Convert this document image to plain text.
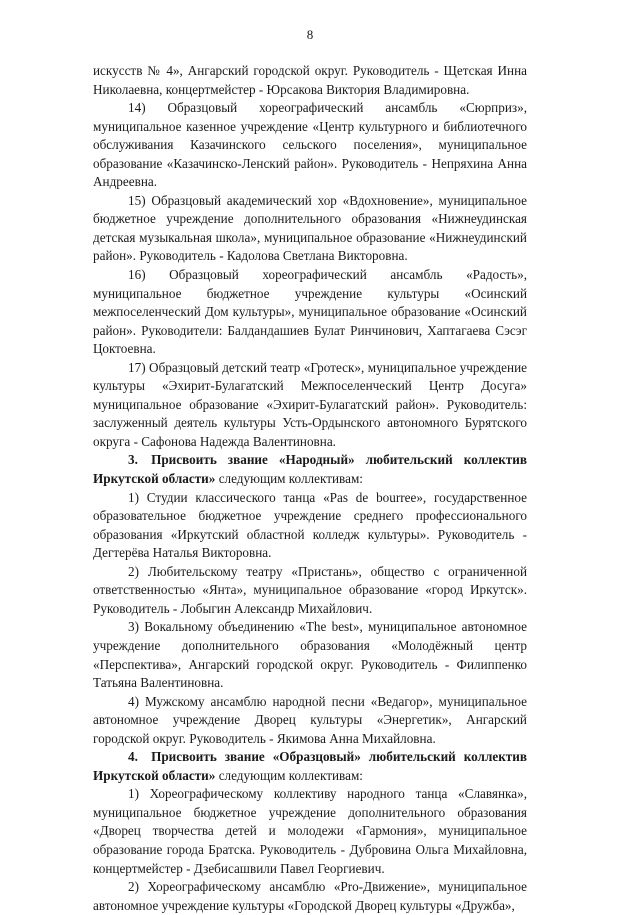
8

искусств № 4», Ангарский городской округ. Руководитель - Щетская Инна Николаевна, концертмейстер - Юрсакова Виктория Владимировна.

14) Образцовый хореографический ансамбль «Сюрприз», муниципальное казенное учреждение «Центр культурного и библиотечного обслуживания Казачинского сельского поселения», муниципальное образование «Казачинско-Ленский район». Руководитель - Непряхина Анна Андреевна.

15) Образцовый академический хор «Вдохновение», муниципальное бюджетное учреждение дополнительного образования «Нижнеудинская детская музыкальная школа», муниципальное образование «Нижнеудинский район». Руководитель - Кадолова Светлана Викторовна.

16) Образцовый хореографический ансамбль «Радость», муниципальное бюджетное учреждение культуры «Осинский межпоселенческий Дом культуры», муниципальное образование «Осинский район». Руководители: Балдандашиев Булат Ринчинович, Хаптагаева Сэсэг Цоктоевна.

17) Образцовый детский театр «Гротеск», муниципальное учреждение культуры «Эхирит-Булагатский Межпоселенческий Центр Досуга» муниципальное образование «Эхирит-Булагатский район». Руководитель: заслуженный деятель культуры Усть-Ордынского автономного Бурятского округа - Сафонова Надежда Валентиновна.

3.  Присвоить звание «Народный» любительский коллектив Иркутской области» следующим коллективам:

1) Студии классического танца «Pas de bourree», государственное образовательное бюджетное учреждение среднего профессионального образования «Иркутский областной колледж культуры». Руководитель - Дегтерёва Наталья Викторовна.

2) Любительскому театру «Пристань», общество с ограниченной ответственностью «Янта», муниципальное образование «город Иркутск». Руководитель - Лобыгин Александр Михайлович.

3) Вокальному объединению «The best», муниципальное автономное учреждение дополнительного образования «Молодёжный центр «Перспектива», Ангарский городской округ. Руководитель - Филиппенко Татьяна Валентиновна.

4) Мужскому ансамблю народной песни «Ведагор», муниципальное автономное учреждение Дворец культуры «Энергетик», Ангарский городской округ. Руководитель - Якимова Анна Михайловна.

4.  Присвоить звание «Образцовый» любительский коллектив Иркутской области» следующим коллективам:

1) Хореографическому коллективу народного танца «Славянка», муниципальное бюджетное учреждение дополнительного образования «Дворец творчества детей и молодежи «Гармония», муниципальное образование города Братска. Руководитель - Дубровина Ольга Михайловна, концертмейстер - Дзебисашвили Павел Георгиевич.

2) Хореографическому ансамблю «Pro-Движение», муниципальное автономное учреждение культуры «Городской Дворец культуры «Дружба»,
